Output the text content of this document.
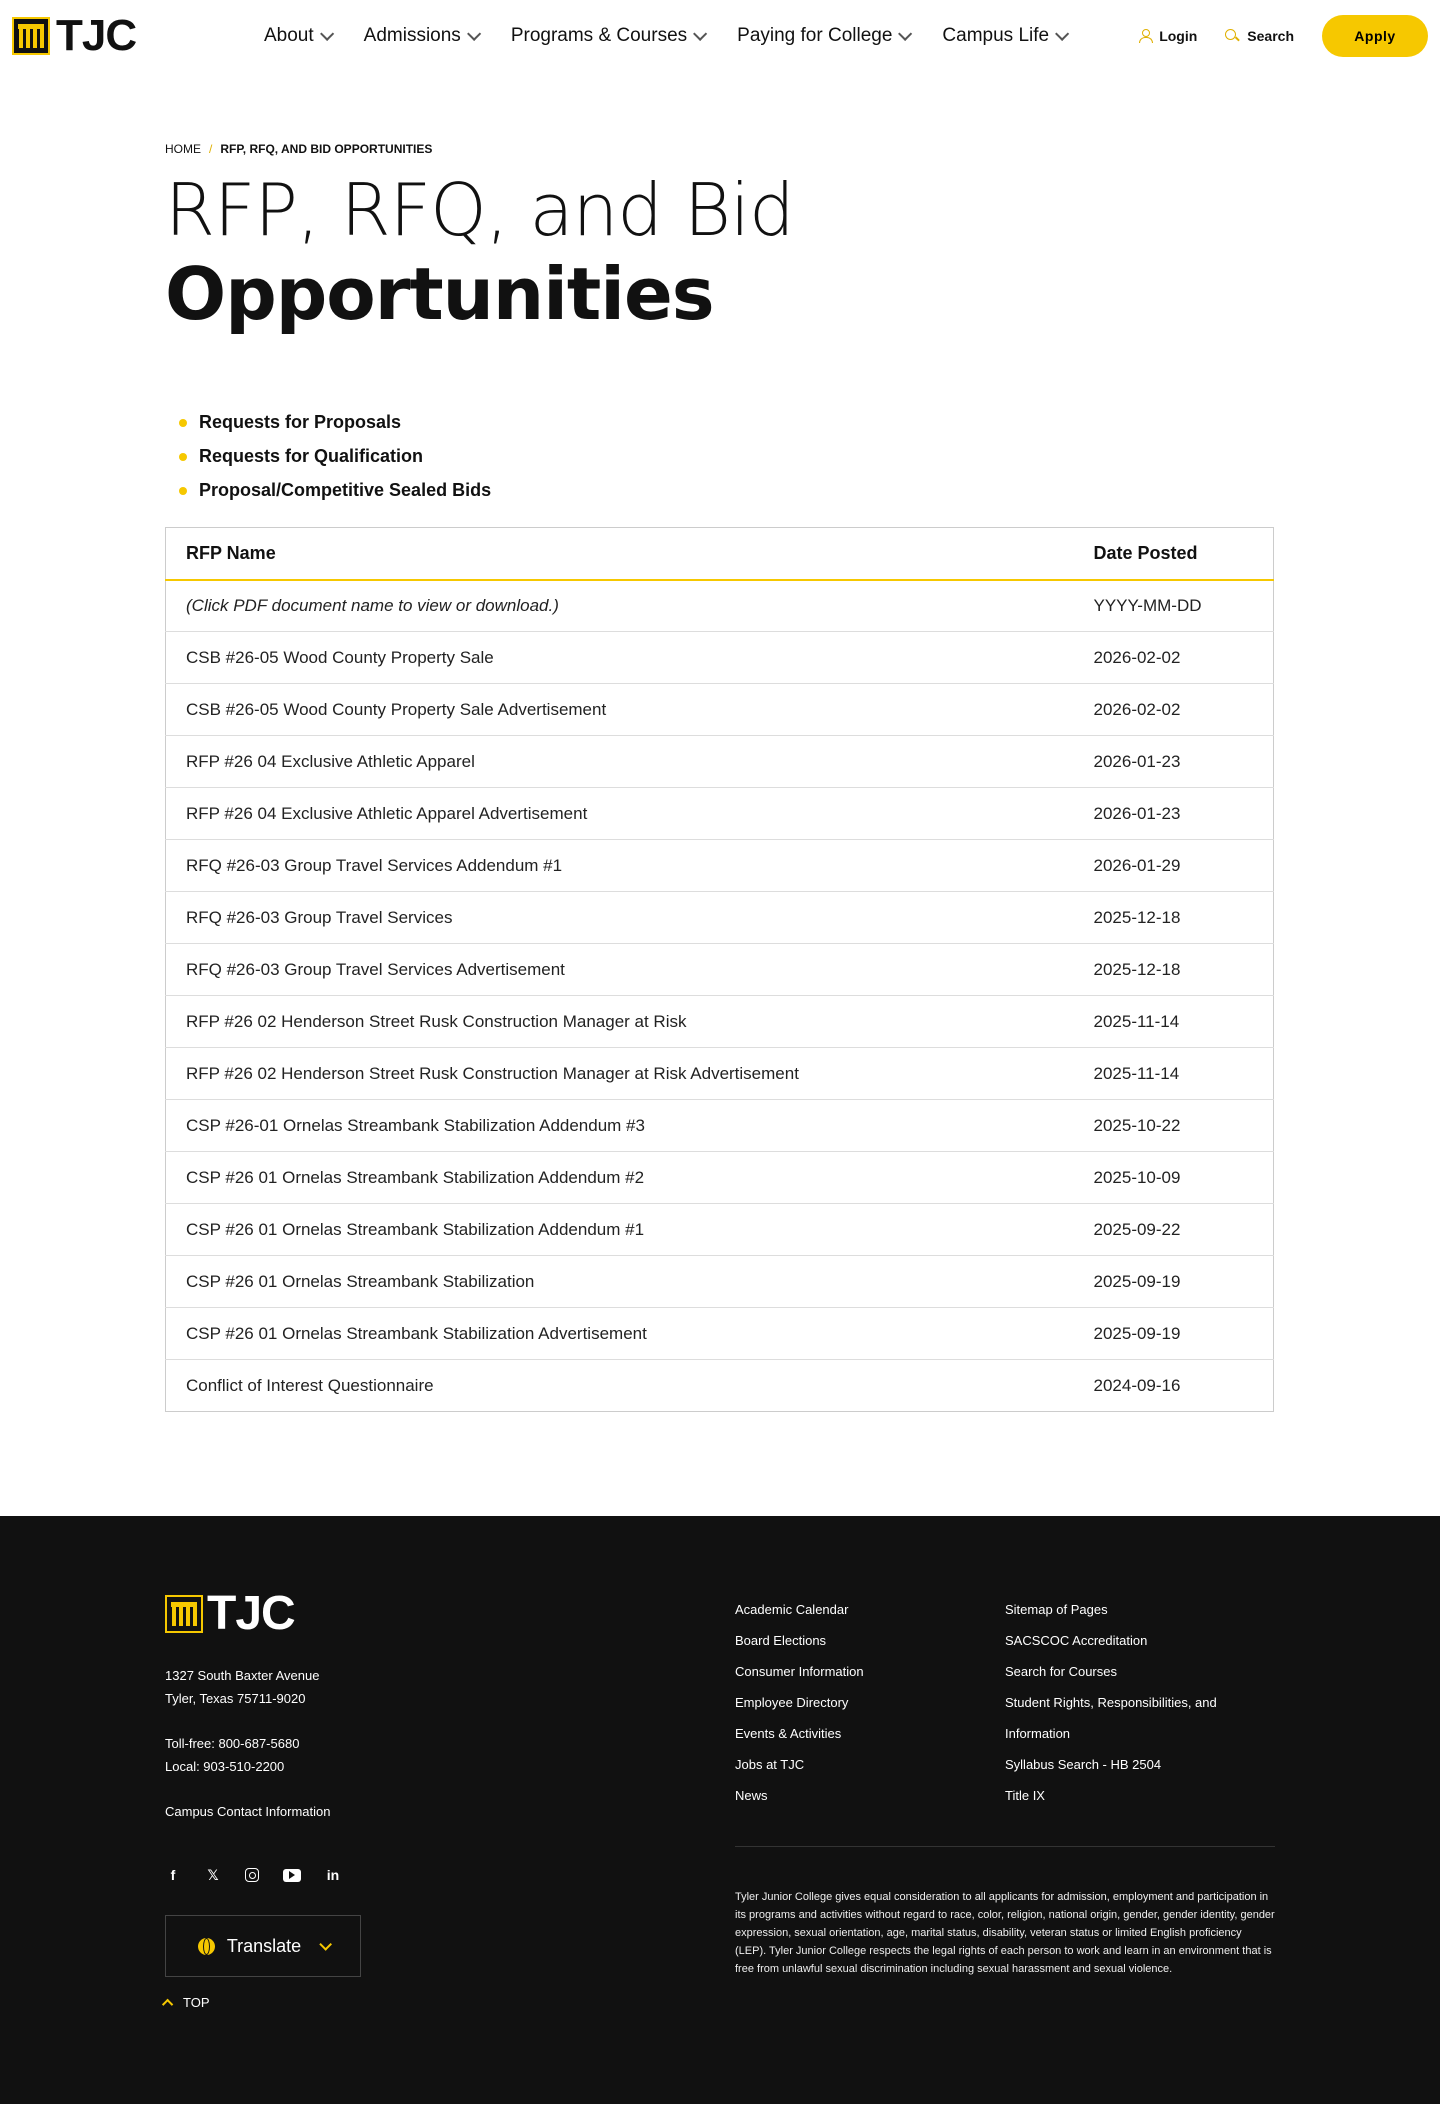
TJC	About	Admissions	Programs & Courses	Paying for College	Campus Life	Login	Search	Apply
HOME / RFP, RFQ, AND BID OPPORTUNITIES
RFP, RFQ, and Bid Opportunities
Requests for Proposals
Requests for Qualification
Proposal/Competitive Sealed Bids
RFP Name	Date Posted
(Click PDF document name to view or download.)	YYYY-MM-DD
CSB #26-05 Wood County Property Sale	2026-02-02
CSB #26-05 Wood County Property Sale Advertisement	2026-02-02
RFP #26 04 Exclusive Athletic Apparel	2026-01-23
RFP #26 04 Exclusive Athletic Apparel Advertisement	2026-01-23
RFQ #26-03 Group Travel Services Addendum #1	2026-01-29
RFQ #26-03 Group Travel Services	2025-12-18
RFQ #26-03 Group Travel Services Advertisement	2025-12-18
RFP #26 02 Henderson Street Rusk Construction Manager at Risk	2025-11-14
RFP #26 02 Henderson Street Rusk Construction Manager at Risk Advertisement	2025-11-14
CSP #26-01 Ornelas Streambank Stabilization Addendum #3	2025-10-22
CSP #26 01 Ornelas Streambank Stabilization Addendum #2	2025-10-09
CSP #26 01 Ornelas Streambank Stabilization Addendum #1	2025-09-22
CSP #26 01 Ornelas Streambank Stabilization	2025-09-19
CSP #26 01 Ornelas Streambank Stabilization Advertisement	2025-09-19
Conflict of Interest Questionnaire	2024-09-16
TJC
1327 South Baxter Avenue
Tyler, Texas 75711-9020
Toll-free: 800-687-5680
Local: 903-510-2200
Campus Contact Information
f	𝕏	in
Translate
TOP
Academic Calendar
Board Elections
Consumer Information
Employee Directory
Events & Activities
Jobs at TJC
News
Sitemap of Pages
SACSCOC Accreditation
Search for Courses
Student Rights, Responsibilities, and Information
Syllabus Search - HB 2504
Title IX

Tyler Junior College gives equal consideration to all applicants for admission, employment and participation in its programs and activities without regard to race, color, religion, national origin, gender, gender identity, gender expression, sexual orientation, age, marital status, disability, veteran status or limited English proficiency (LEP). Tyler Junior College respects the legal rights of each person to work and learn in an environment that is free from unlawful sexual discrimination including sexual harassment and sexual violence.
